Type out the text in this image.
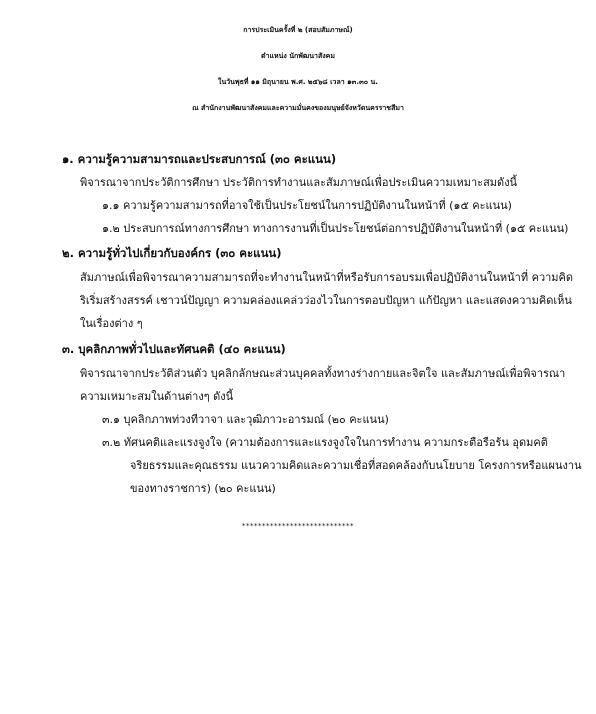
การประเมินครั้งที่ ๒ (สอบสัมภาษณ์)
ตำแหน่ง นักพัฒนาสังคม
ในวันพุธที่ ๑๑ มิถุนายน พ.ศ. ๒๕๖๘ เวลา ๑๓.๓๐ น.
ณ สำนักงานพัฒนาสังคมและความมั่นคงของมนุษย์จังหวัดนครราชสีมา
๑. ความรู้ความสามารถและประสบการณ์ (๓๐ คะแนน)
พิจารณาจากประวัติการศึกษา ประวัติการทำงานและสัมภาษณ์เพื่อประเมินความเหมาะสมดังนี้
๑.๑ ความรู้ความสามารถที่อาจใช้เป็นประโยชน์ในการปฏิบัติงานในหน้าที่ (๑๕ คะแนน)
๑.๒ ประสบการณ์ทางการศึกษา ทางการงานที่เป็นประโยชน์ต่อการปฏิบัติงานในหน้าที่ (๑๕ คะแนน)
๒. ความรู้ทั่วไปเกี่ยวกับองค์กร (๓๐ คะแนน)
สัมภาษณ์เพื่อพิจารณาความสามารถที่จะทำงานในหน้าที่หรือรับการอบรมเพื่อปฏิบัติงานในหน้าที่ ความคิด
ริเริ่มสร้างสรรค์ เชาวน์ปัญญา ความคล่องแคล่วว่องไวในการตอบปัญหา แก้ปัญหา และแสดงความคิดเห็น
ในเรื่องต่าง ๆ
๓. บุคลิกภาพทั่วไปและทัศนคติ (๔๐ คะแนน)
พิจารณาจากประวัติส่วนตัว บุคลิกลักษณะส่วนบุคคลทั้งทางร่างกายและจิตใจ และสัมภาษณ์เพื่อพิจารณา
ความเหมาะสมในด้านต่างๆ ดังนี้
๓.๑ บุคลิกภาพท่วงทีวาจา และวุฒิภาวะอารมณ์ (๒๐ คะแนน)
๓.๒ ทัศนคติและแรงจูงใจ (ความต้องการและแรงจูงใจในการทำงาน ความกระตือรือร้น อุดมคติ
จริยธรรมและคุณธรรม แนวความคิดและความเชื่อที่สอดคล้องกับนโยบาย โครงการหรือแผนงาน
ของทางราชการ) (๒๐ คะแนน)
****************************
